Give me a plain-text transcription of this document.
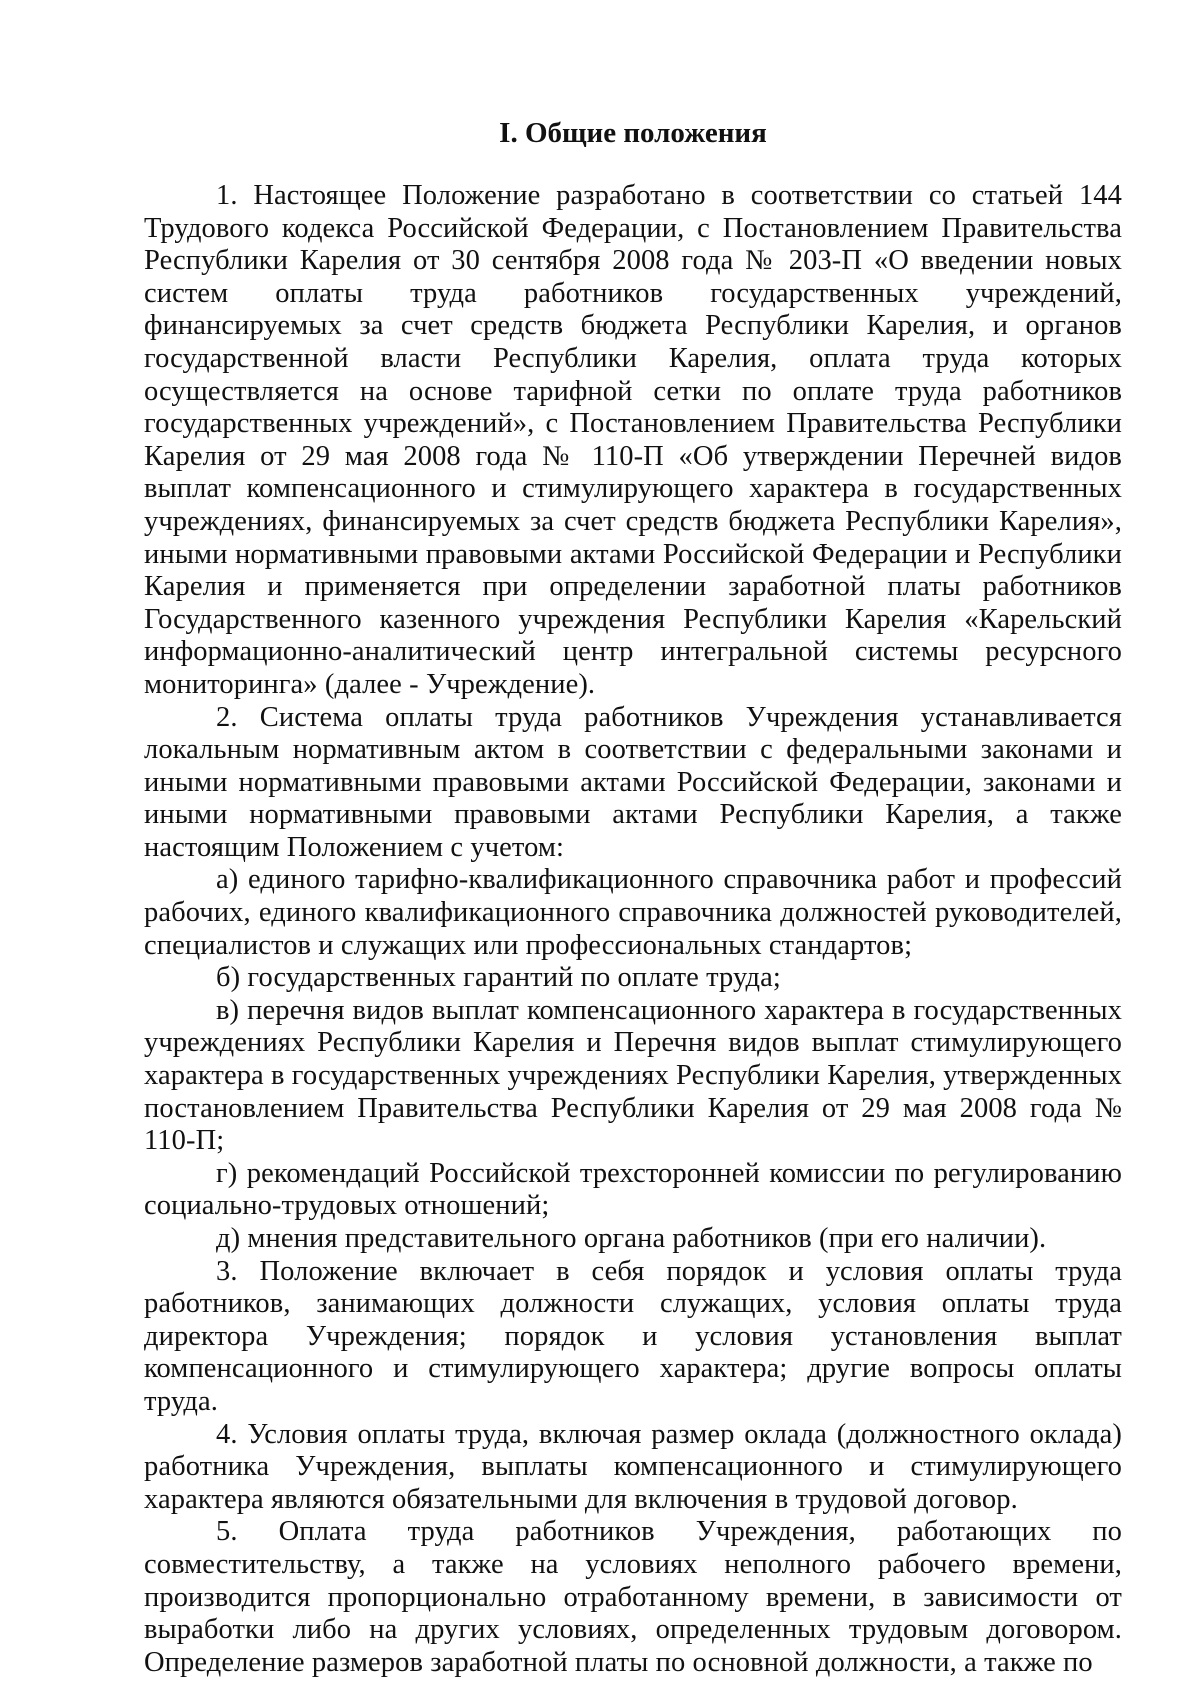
I. Общие положения

1. Настоящее Положение разработано в соответствии со статьей 144 Трудового кодекса Российской Федерации, с Постановлением Правительства Республики Карелия от 30 сентября 2008 года № 203-П «О введении новых систем оплаты труда работников государственных учреждений, финансируемых за счет средств бюджета Республики Карелия, и органов государственной власти Республики Карелия, оплата труда которых осуществляется на основе тарифной сетки по оплате труда работников государственных учреждений», с Постановлением Правительства Республики Карелия от 29 мая 2008 года № 110-П «Об утверждении Перечней видов выплат компенсационного и стимулирующего характера в государственных учреждениях, финансируемых за счет средств бюджета Республики Карелия», иными нормативными правовыми актами Российской Федерации и Республики Карелия и применяется при определении заработной платы работников Государственного казенного учреждения Республики Карелия «Карельский информационно-аналитический центр интегральной системы ресурсного мониторинга» (далее - Учреждение).

2. Система оплаты труда работников Учреждения устанавливается локальным нормативным актом в соответствии с федеральными законами и иными нормативными правовыми актами Российской Федерации, законами и иными нормативными правовыми актами Республики Карелия, а также настоящим Положением с учетом:

а) единого тарифно-квалификационного справочника работ и профессий рабочих, единого квалификационного справочника должностей руководителей, специалистов и служащих или профессиональных стандартов;

б) государственных гарантий по оплате труда;

в) перечня видов выплат компенсационного характера в государственных учреждениях Республики Карелия и Перечня видов выплат стимулирующего характера в государственных учреждениях Республики Карелия, утвержденных постановлением Правительства Республики Карелия от 29 мая 2008 года № 110-П;

г) рекомендаций Российской трехсторонней комиссии по регулированию социально-трудовых отношений;

д) мнения представительного органа работников (при его наличии).

3. Положение включает в себя порядок и условия оплаты труда работников, занимающих должности служащих, условия оплаты труда директора Учреждения; порядок и условия установления выплат компенсационного и стимулирующего характера; другие вопросы оплаты труда.

4. Условия оплаты труда, включая размер оклада (должностного оклада) работника Учреждения, выплаты компенсационного и стимулирующего характера являются обязательными для включения в трудовой договор.

5. Оплата труда работников Учреждения, работающих по совместительству, а также на условиях неполного рабочего времени, производится пропорционально отработанному времени, в зависимости от выработки либо на других условиях, определенных трудовым договором. Определение размеров заработной платы по основной должности, а также по
